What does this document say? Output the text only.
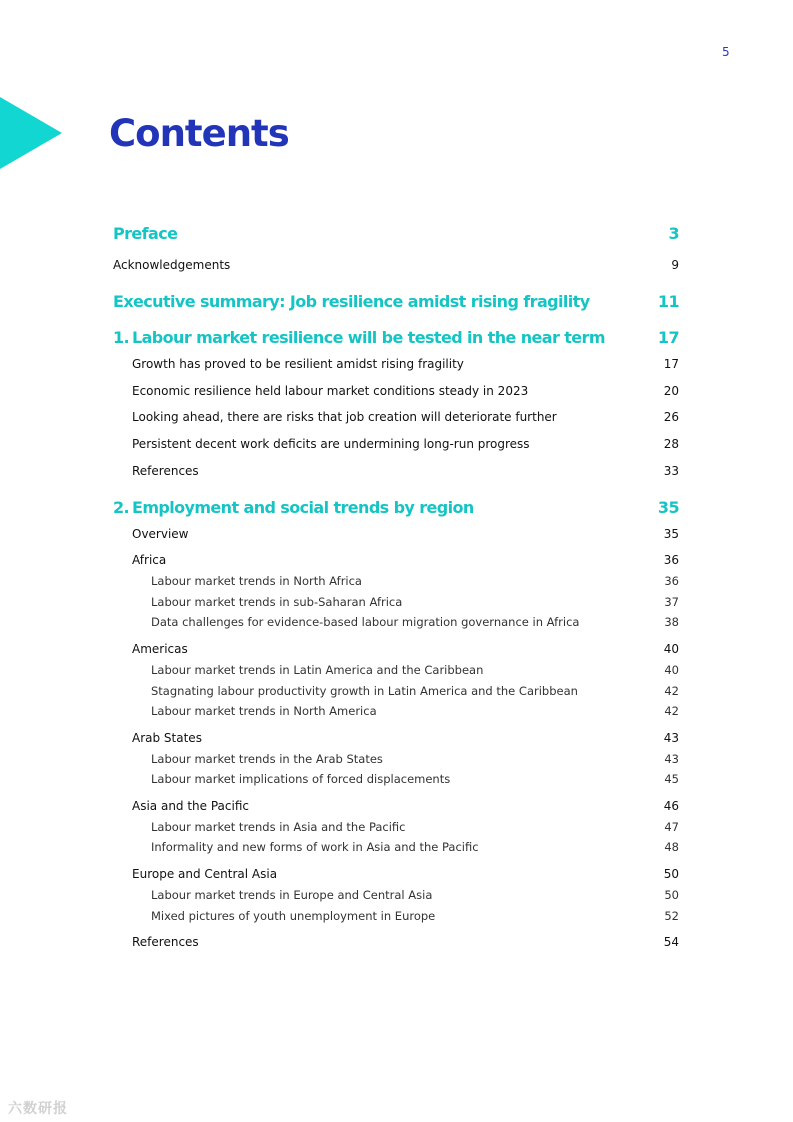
5
Contents
Preface	3
Acknowledgements	9
Executive summary: Job resilience amidst rising fragility	11
1. Labour market resilience will be tested in the near term	17
Growth has proved to be resilient amidst rising fragility	17
Economic resilience held labour market conditions steady in 2023	20
Looking ahead, there are risks that job creation will deteriorate further	26
Persistent decent work deficits are undermining long-run progress	28
References	33
2. Employment and social trends by region	35
Overview	35
Africa	36
Labour market trends in North Africa	36
Labour market trends in sub-Saharan Africa	37
Data challenges for evidence-based labour migration governance in Africa	38
Americas	40
Labour market trends in Latin America and the Caribbean	40
Stagnating labour productivity growth in Latin America and the Caribbean	42
Labour market trends in North America	42
Arab States	43
Labour market trends in the Arab States	43
Labour market implications of forced displacements	45
Asia and the Pacific	46
Labour market trends in Asia and the Pacific	47
Informality and new forms of work in Asia and the Pacific	48
Europe and Central Asia	50
Labour market trends in Europe and Central Asia	50
Mixed pictures of youth unemployment in Europe	52
References	54
六数研报
